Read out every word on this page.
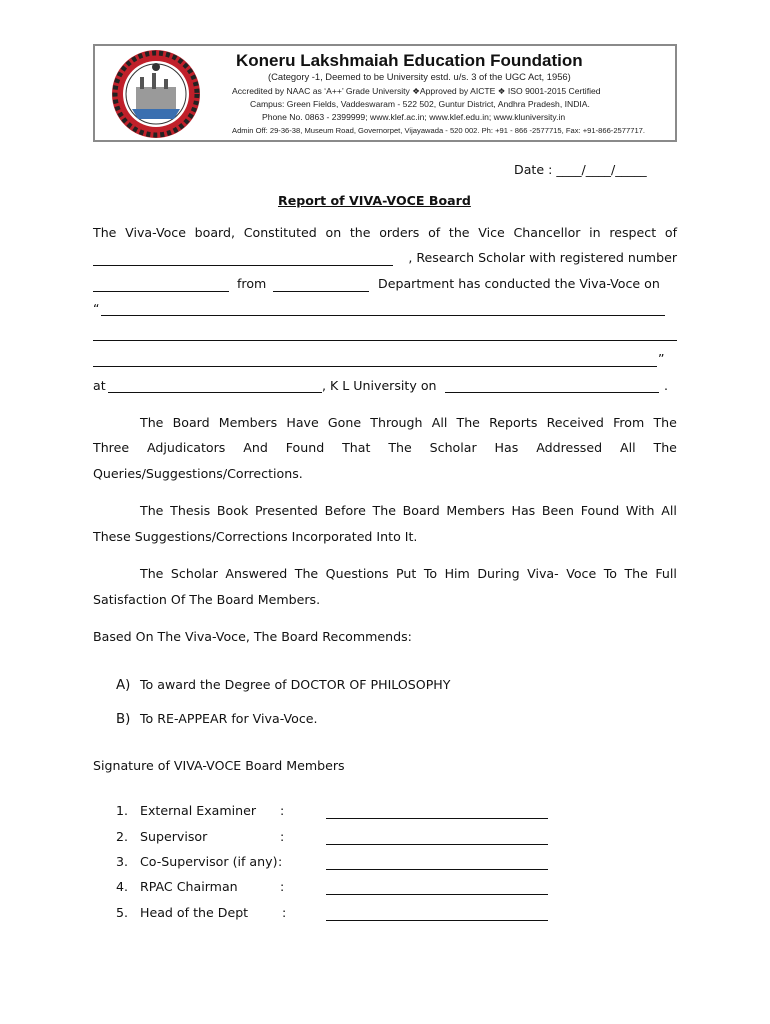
Koneru Lakshmaiah Education Foundation
(Category -1, Deemed to be University estd. u/s. 3 of the UGC Act, 1956)
Accredited by NAAC as ‘A++’ Grade University ❖Approved by AICTE ❖ ISO 9001-2015 Certified
Campus: Green Fields, Vaddeswaram - 522 502, Guntur District, Andhra Pradesh, INDIA.
Phone No. 0863 - 2399999; www.klef.ac.in; www.klef.edu.in; www.kluniversity.in
Admin Off: 29-36-38, Museum Road, Governorpet, Vijayawada - 520 002. Ph: +91 - 866 -2577715, Fax: +91-866-2577717.
Date : ____/____/_____
Report of VIVA-VOCE Board
The Viva-Voce board, Constituted on the orders of the Vice Chancellor in respect of
, Research Scholar with registered number
from	Department has conducted the Viva-Voce on
“
”
at	, K L University on	.
The Board Members Have Gone Through All The Reports Received From The
Three Adjudicators And Found That The Scholar Has Addressed All The
Queries/Suggestions/Corrections.
The Thesis Book Presented Before The Board Members Has Been Found With All
These Suggestions/Corrections Incorporated Into It.
The Scholar Answered The Questions Put To Him During Viva- Voce To The Full
Satisfaction Of The Board Members.
Based On The Viva-Voce, The Board Recommends:
A) To award the Degree of DOCTOR OF PHILOSOPHY
B) To RE-APPEAR for Viva-Voce.
Signature of VIVA-VOCE Board Members
1. External Examiner :
2. Supervisor	:
3. Co-Supervisor (if any) :
4. RPAC Chairman	:
5. Head of the Dept	:
